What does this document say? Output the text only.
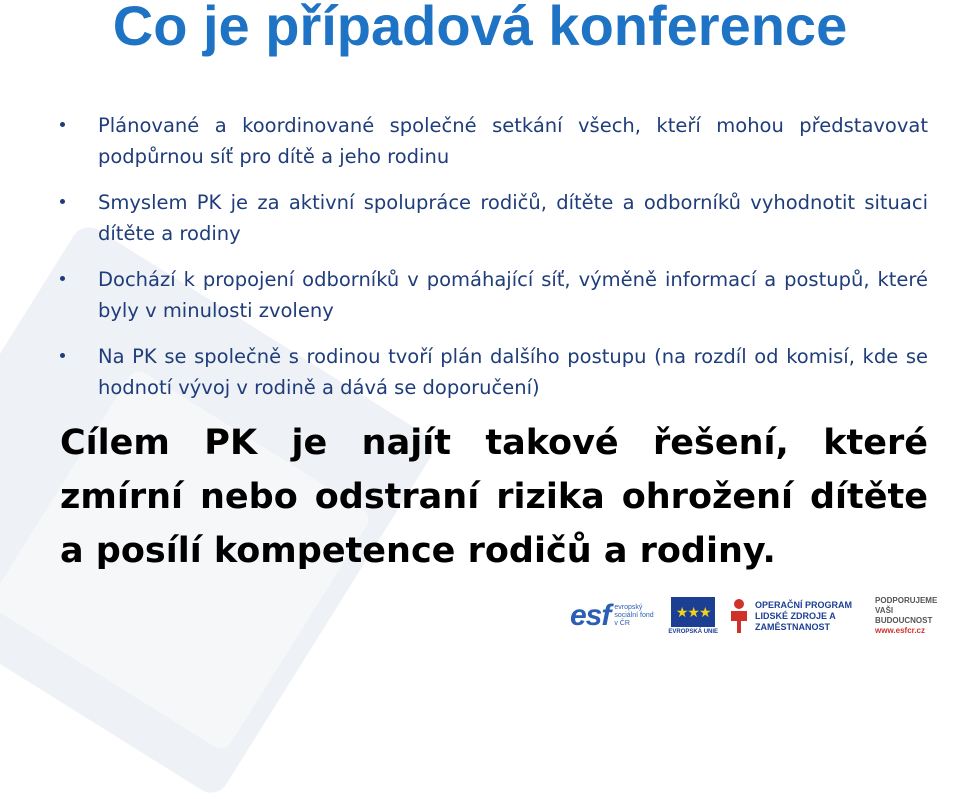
Co je případová konference
Plánované a koordinované společné setkání všech, kteří mohou představovat podpůrnou síť pro dítě a jeho rodinu
Smyslem PK je za aktivní spolupráce rodičů, dítěte a odborníků vyhodnotit situaci dítěte a rodiny
Dochází k propojení odborníků v pomáhající síť, výměně informací a postupů, které byly v minulosti zvoleny
Na PK se společně s rodinou tvoří plán dalšího postupu (na rozdíl od komisí, kde se hodnotí vývoj v rodině a dává se doporučení)

Cílem PK je najít takové řešení, které zmírní nebo odstraní rizika ohrožení dítěte a posílí kompetence rodičů a rodiny.

esf evropský sociální fond v ČR
★★★
EVROPSKÁ UNIE
OPERAČNÍ PROGRAM LIDSKÉ ZDROJE A ZAMĚSTNANOST
PODPORUJEME VAŠI BUDOUCNOST
www.esfcr.cz
